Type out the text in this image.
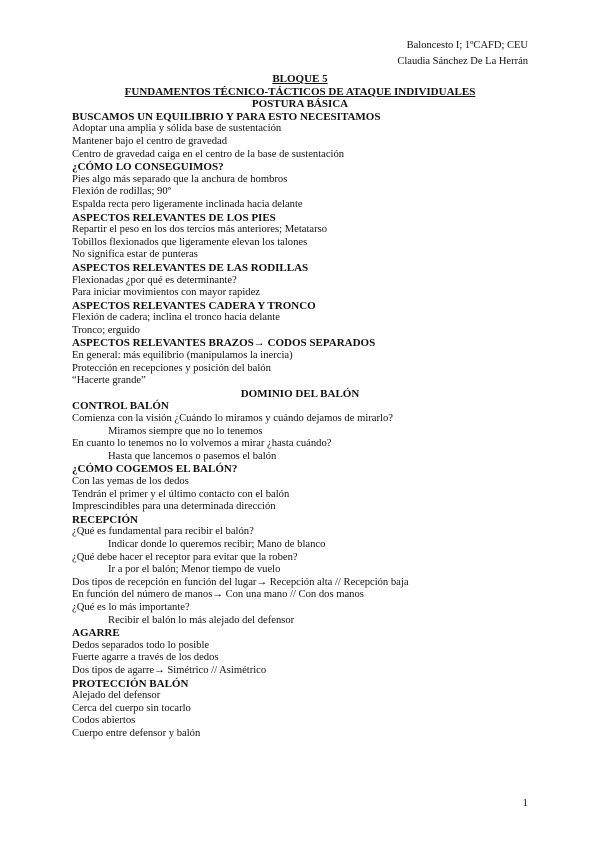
Baloncesto I; 1ºCAFD; CEU
Claudia Sánchez De La Herrán
BLOQUE 5
FUNDAMENTOS TÉCNICO-TÁCTICOS DE ATAQUE INDIVIDUALES
POSTURA BÁSICA
BUSCAMOS UN EQUILIBRIO Y PARA ESTO NECESITAMOS
Adoptar una amplia y sólida base de sustentación
Mantener bajo el centro de gravedad
Centro de gravedad caiga en el centro de la base de sustentación
¿CÓMO LO CONSEGUIMOS?
Pies algo más separado que la anchura de hombros
Flexión de rodillas; 90º
Espalda recta pero ligeramente inclinada hacia delante
ASPECTOS RELEVANTES DE LOS PIES
Repartir el peso en los dos tercios más anteriores; Metatarso
Tobillos flexionados que ligeramente elevan los talones
No significa estar de punteras
ASPECTOS RELEVANTES DE LAS RODILLAS
Flexionadas ¿por qué es determinante?
Para iniciar movimientos con mayor rapidez
ASPECTOS RELEVANTES CADERA Y TRONCO
Flexión de cadera; inclina el tronco hacia delante
Tronco; erguido
ASPECTOS RELEVANTES BRAZOS→ CODOS SEPARADOS
En general: más equilibrio (manipulamos la inercia)
Protección en recepciones y posición del balón
“Hacerte grande”
DOMINIO DEL BALÓN
CONTROL BALÓN
Comienza con la visión ¿Cuándo lo miramos y cuándo dejamos de mirarlo?
Miramos siempre que no lo tenemos
En cuanto lo tenemos no lo volvemos a mirar ¿hasta cuándo?
Hasta que lancemos o pasemos el balón
¿CÓMO COGEMOS EL BALÓN?
Con las yemas de los dedos
Tendrán el primer y el último contacto con el balón
Imprescindibles para una determinada dirección
RECEPCIÓN
¿Qué es fundamental para recibir el balón?
Indicar donde lo queremos recibir; Mano de blanco
¿Qué debe hacer el receptor para evitar que la roben?
Ir a por el balón; Menor tiempo de vuelo
Dos tipos de recepción en función del lugar→ Recepción alta // Recepción baja
En función del número de manos→ Con una mano // Con dos manos
¿Qué es lo más importante?
Recibir el balón lo más alejado del defensor
AGARRE
Dedos separados todo lo posible
Fuerte agarre a través de los dedos
Dos tipos de agarre→ Simétrico // Asimétrico
PROTECCIÓN BALÓN
Alejado del defensor
Cerca del cuerpo sin tocarlo
Codos abiertos
Cuerpo entre defensor y balón
1
